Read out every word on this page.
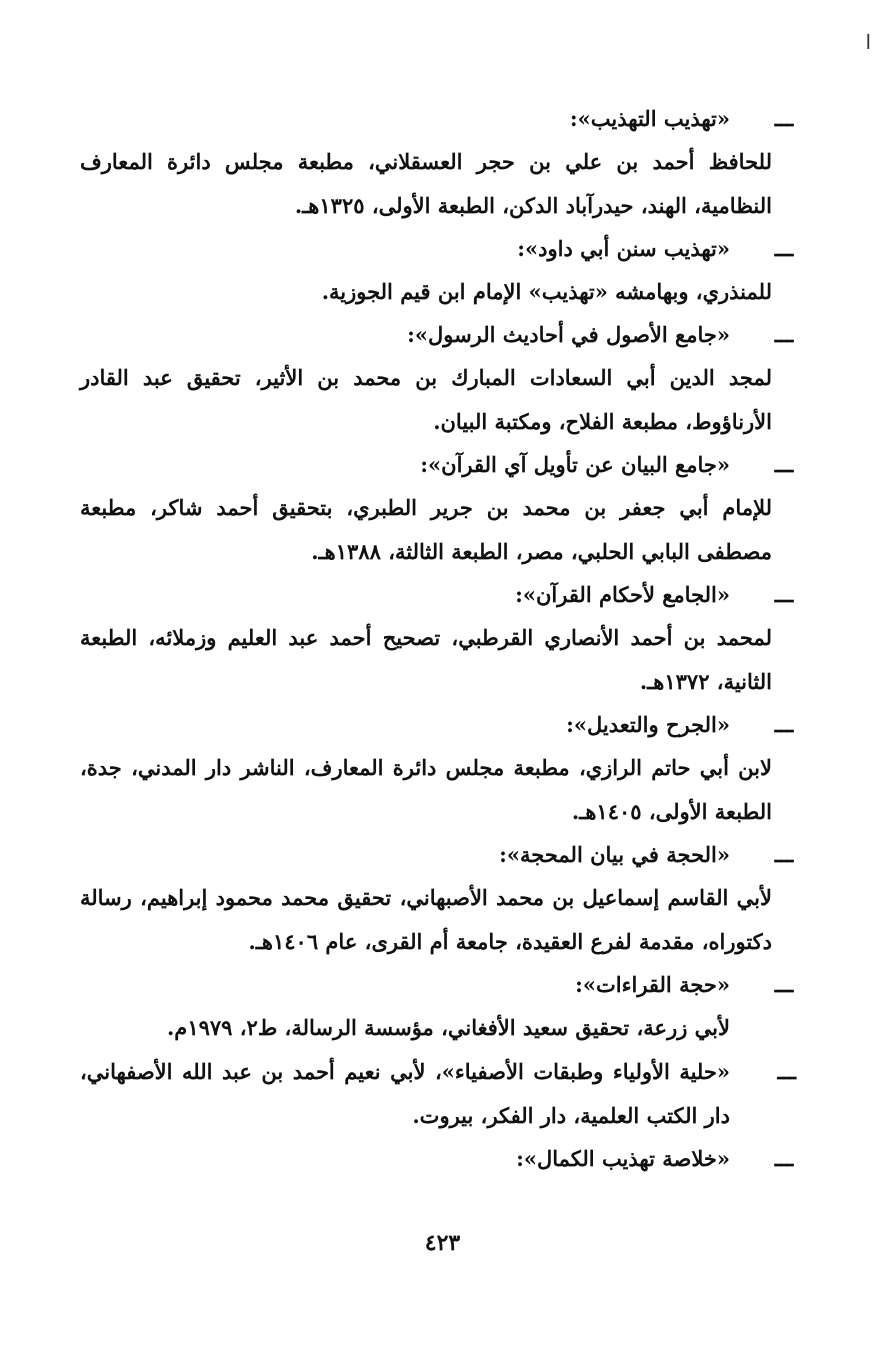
ا
ـــ
«تهذيب التهذيب»:
للحافظ أحمد بن علي بن حجر العسقلاني، مطبعة مجلس دائرة المعارف النظامية، الهند، حيدرآباد الدكن، الطبعة الأولى، ١٣٢٥هـ.
ـــ
«تهذيب سنن أبي داود»:
للمنذري، وبهامشه «تهذيب» الإمام ابن قيم الجوزية.
ـــ
«جامع الأصول في أحاديث الرسول»:
لمجد الدين أبي السعادات المبارك بن محمد بن الأثير، تحقيق عبد القادر الأرناؤوط، مطبعة الفلاح، ومكتبة البيان.
ـــ
«جامع البيان عن تأويل آي القرآن»:
للإمام أبي جعفر بن محمد بن جرير الطبري، بتحقيق أحمد شاكر، مطبعة مصطفى البابي الحلبي، مصر، الطبعة الثالثة، ١٣٨٨هـ.
ـــ
«الجامع لأحكام القرآن»:
لمحمد بن أحمد الأنصاري القرطبي، تصحيح أحمد عبد العليم وزملائه، الطبعة الثانية، ١٣٧٢هـ.
ـــ
«الجرح والتعديل»:
لابن أبي حاتم الرازي، مطبعة مجلس دائرة المعارف، الناشر دار المدني، جدة، الطبعة الأولى، ١٤٠٥هـ.
ـــ
«الحجة في بيان المحجة»:
لأبي القاسم إسماعيل بن محمد الأصبهاني، تحقيق محمد محمود إبراهيم، رسالة دكتوراه، مقدمة لفرع العقيدة، جامعة أم القرى، عام ١٤٠٦هـ.
ـــ
«حجة القراءات»:
لأبي زرعة، تحقيق سعيد الأفغاني، مؤسسة الرسالة، ط٢، ١٩٧٩م.
ـــ
«حلية الأولياء وطبقات الأصفياء»، لأبي نعيم أحمد بن عبد الله الأصفهاني، دار الكتب العلمية، دار الفكر، بيروت.
ـــ
«خلاصة تهذيب الكمال»:
٤٢٣
